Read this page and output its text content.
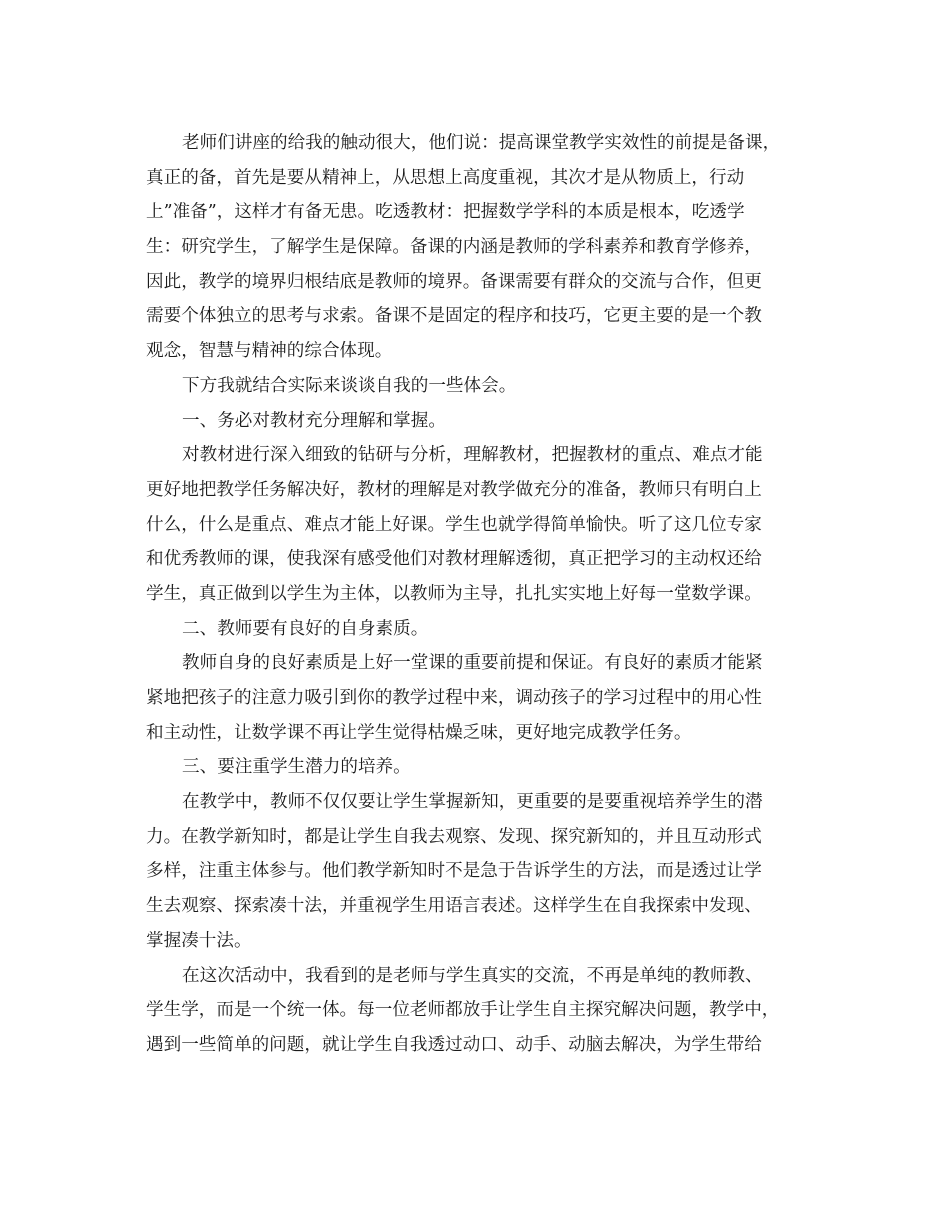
老师们讲座的给我的触动很大，他们说：提高课堂教学实效性的前提是备课，
真正的备，首先是要从精神上，从思想上高度重视，其次才是从物质上，行动
上”准备”，这样才有备无患。吃透教材：把握数学学科的本质是根本，吃透学
生：研究学生，了解学生是保障。备课的内涵是教师的学科素养和教育学修养，
因此，教学的境界归根结底是教师的境界。备课需要有群众的交流与合作，但更
需要个体独立的思考与求索。备课不是固定的程序和技巧，它更主要的是一个教
观念，智慧与精神的综合体现。
下方我就结合实际来谈谈自我的一些体会。
一、务必对教材充分理解和掌握。
对教材进行深入细致的钻研与分析，理解教材，把握教材的重点、难点才能
更好地把教学任务解决好，教材的理解是对教学做充分的准备，教师只有明白上
什么，什么是重点、难点才能上好课。学生也就学得简单愉快。听了这几位专家
和优秀教师的课，使我深有感受他们对教材理解透彻，真正把学习的主动权还给
学生，真正做到以学生为主体，以教师为主导，扎扎实实地上好每一堂数学课。
二、教师要有良好的自身素质。
教师自身的良好素质是上好一堂课的重要前提和保证。有良好的素质才能紧
紧地把孩子的注意力吸引到你的教学过程中来，调动孩子的学习过程中的用心性
和主动性，让数学课不再让学生觉得枯燥乏味，更好地完成教学任务。
三、要注重学生潜力的培养。
在教学中，教师不仅仅要让学生掌握新知，更重要的是要重视培养学生的潜
力。在教学新知时，都是让学生自我去观察、发现、探究新知的，并且互动形式
多样，注重主体参与。他们教学新知时不是急于告诉学生的方法，而是透过让学
生去观察、探索凑十法，并重视学生用语言表述。这样学生在自我探索中发现、
掌握凑十法。
在这次活动中，我看到的是老师与学生真实的交流，不再是单纯的教师教、
学生学，而是一个统一体。每一位老师都放手让学生自主探究解决问题，教学中，
遇到一些简单的问题，就让学生自我透过动口、动手、动脑去解决，为学生带给
